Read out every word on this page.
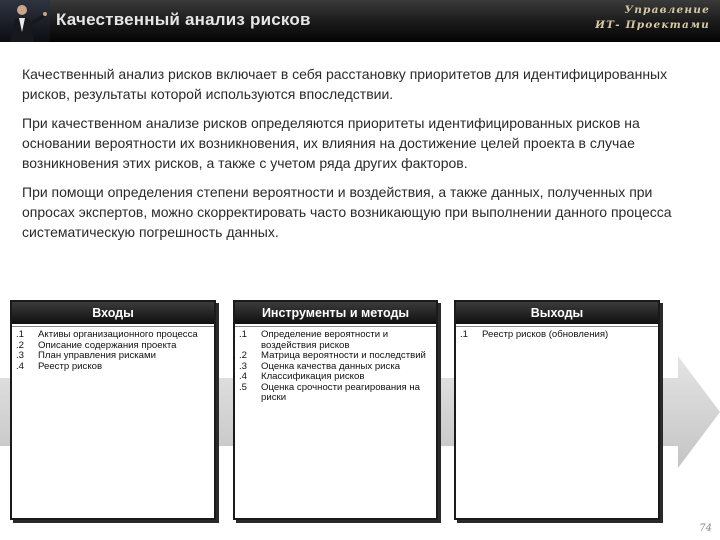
Качественный анализ рисков	Управление
ИТ- Проектами

Качественный анализ рисков включает в себя расстановку приоритетов для идентифицированных рисков, результаты которой используются впоследствии.

При качественном анализе рисков определяются приоритеты идентифицированных рисков на основании вероятности их возникновения, их влияния на достижение целей проекта в случае возникновения этих рисков, а также с учетом ряда других факторов.

При помощи определения степени вероятности и воздействия, а также данных, полученных при опросах экспертов, можно скорректировать часто возникающую при выполнении данного процесса систематическую погрешность данных.

Входы
.1	Активы организационного процесса
.2	Описание содержания проекта
.3	План управления рисками
.4	Реестр рисков
Инструменты и методы
.1	Определение вероятности и воздействия рисков
.2	Матрица вероятности и последствий
.3	Оценка качества данных риска
.4	Классификация рисков
.5	Оценка срочности реагирования на риски
Выходы
.1	Реестр рисков (обновления)
74
